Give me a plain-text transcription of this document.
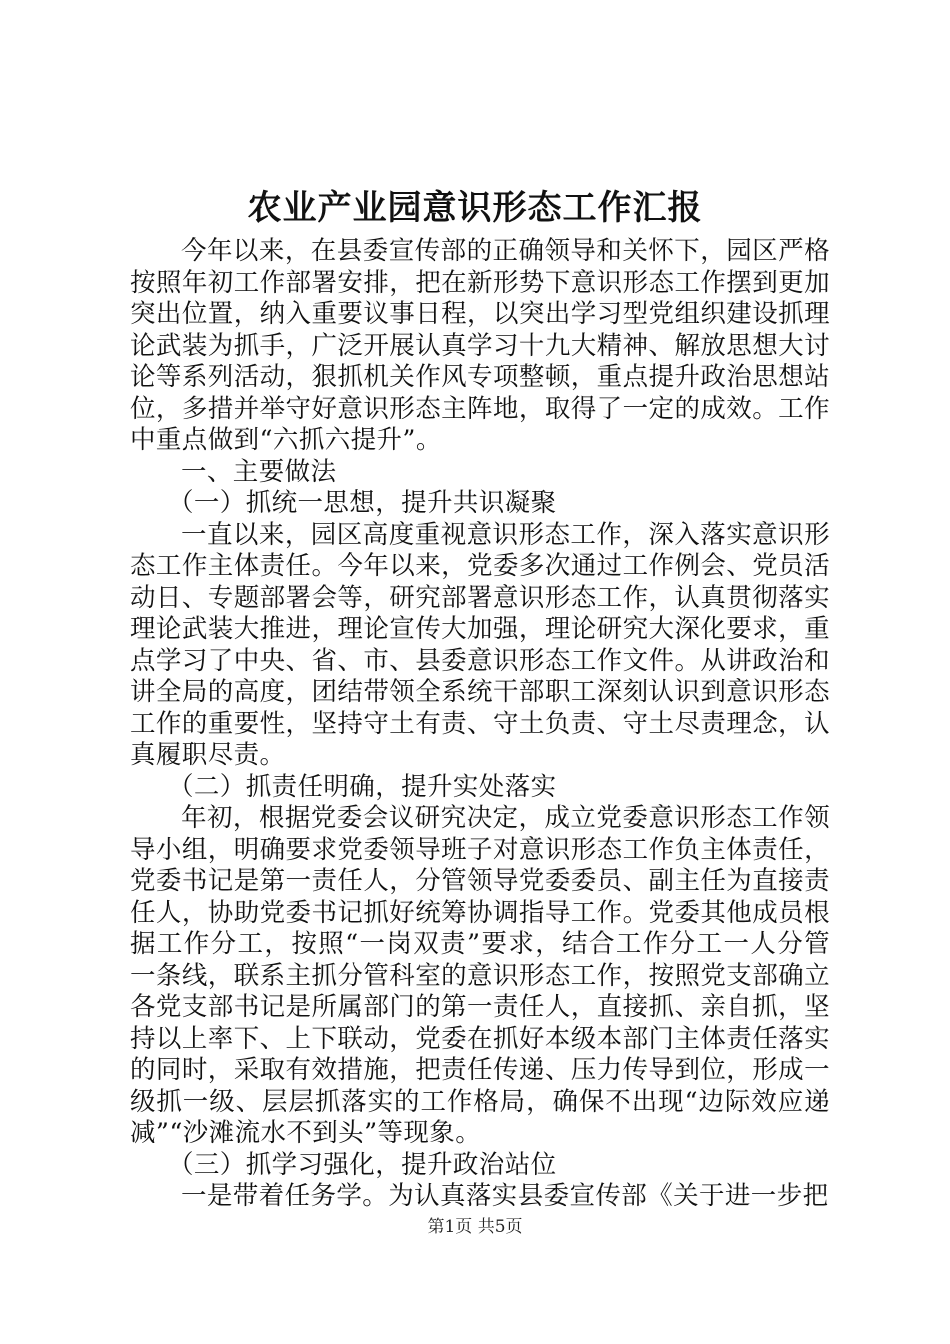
农业产业园意识形态工作汇报

今年以来，在县委宣传部的正确领导和关怀下，园区严格按照年初工作部署安排，把在新形势下意识形态工作摆到更加突出位置，纳入重要议事日程，以突出学习型党组织建设抓理论武装为抓手，广泛开展认真学习十九大精神、解放思想大讨论等系列活动，狠抓机关作风专项整顿，重点提升政治思想站位，多措并举守好意识形态主阵地，取得了一定的成效。工作中重点做到“六抓六提升”。

一、主要做法

（一）抓统一思想，提升共识凝聚

一直以来，园区高度重视意识形态工作，深入落实意识形态工作主体责任。今年以来，党委多次通过工作例会、党员活动日、专题部署会等，研究部署意识形态工作，认真贯彻落实理论武装大推进，理论宣传大加强，理论研究大深化要求，重点学习了中央、省、市、县委意识形态工作文件。从讲政治和讲全局的高度，团结带领全系统干部职工深刻认识到意识形态工作的重要性，坚持守土有责、守土负责、守土尽责理念，认真履职尽责。

（二）抓责任明确，提升实处落实

年初，根据党委会议研究决定，成立党委意识形态工作领导小组，明确要求党委领导班子对意识形态工作负主体责任，党委书记是第一责任人，分管领导党委委员、副主任为直接责任人，协助党委书记抓好统筹协调指导工作。党委其他成员根据工作分工，按照“一岗双责”要求，结合工作分工一人分管一条线，联系主抓分管科室的意识形态工作，按照党支部确立各党支部书记是所属部门的第一责任人，直接抓、亲自抓，坚持以上率下、上下联动，党委在抓好本级本部门主体责任落实的同时，采取有效措施，把责任传递、压力传导到位，形成一级抓一级、层层抓落实的工作格局，确保不出现“边际效应递减”“沙滩流水不到头”等现象。

（三）抓学习强化，提升政治站位

一是带着任务学。为认真落实县委宣传部《关于进一步把

第1页 共5页
